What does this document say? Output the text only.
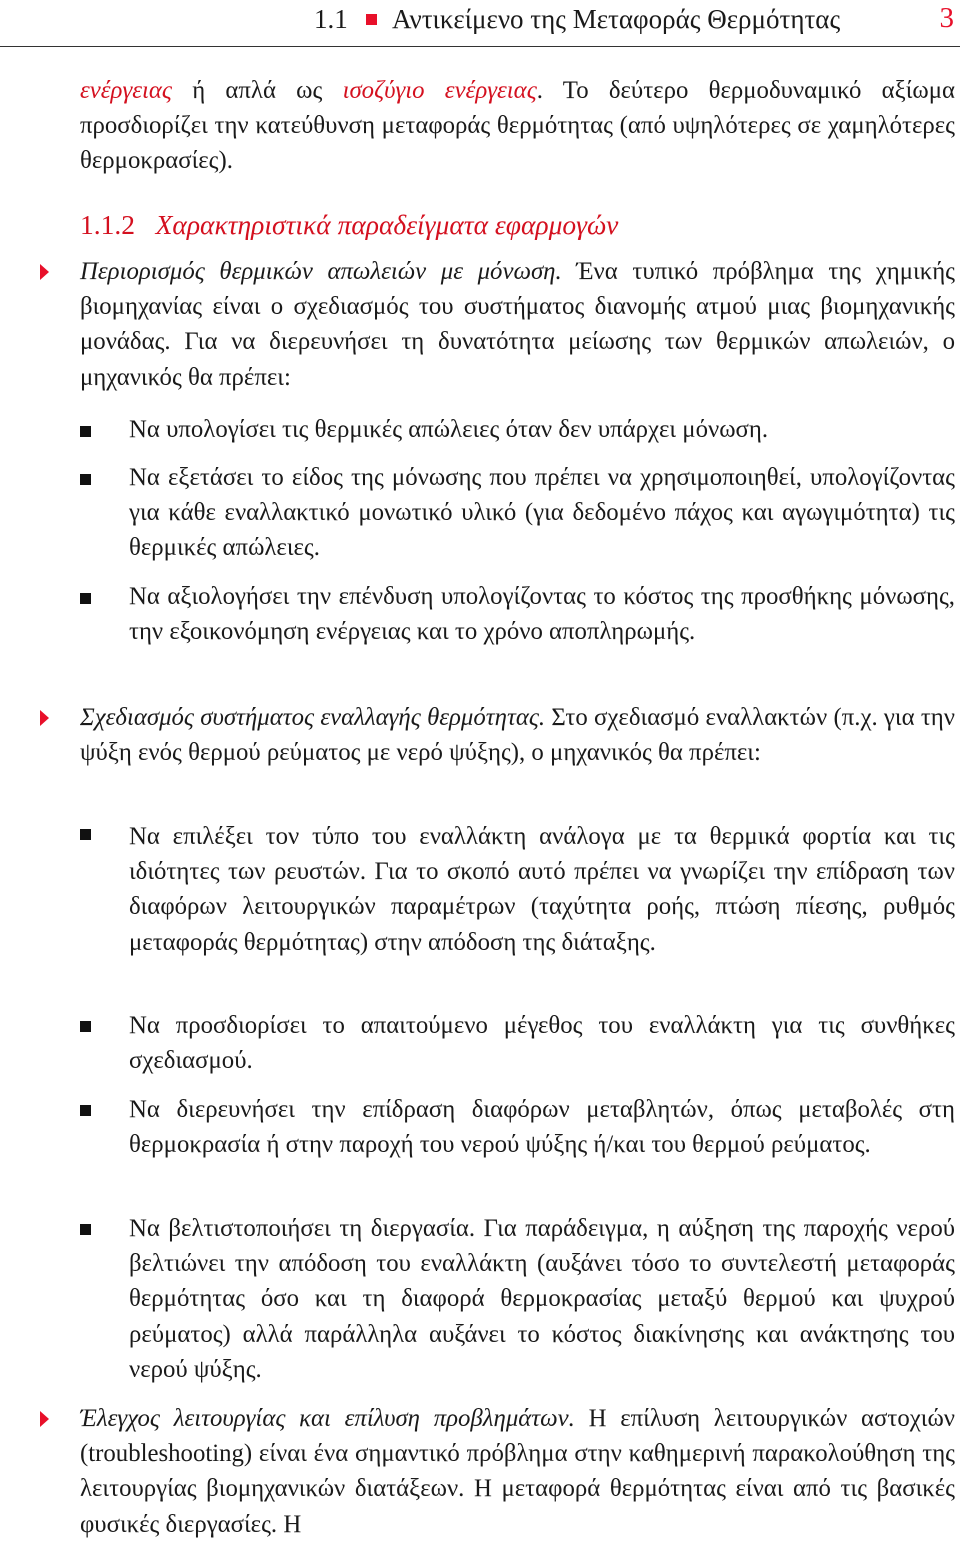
1.1 Αντικείμενο της Μεταφοράς Θερμότητας	3
ενέργειας ή απλά ως ισοζύγιο ενέργειας. Το δεύτερο θερμοδυναμικό αξίωμα προσδιορίζει την κατεύθυνση μεταφοράς θερμότητας (από υψηλότερες σε χαμηλότερες θερμοκρασίες).
1.1.2 Χαρακτηριστικά παραδείγματα εφαρμογών
Περιορισμός θερμικών απωλειών με μόνωση. Ένα τυπικό πρόβλημα της χημικής βιομηχανίας είναι ο σχεδιασμός του συστήματος διανομής ατμού μιας βιομηχανικής μονάδας. Για να διερευνήσει τη δυνατότητα μείωσης των θερμικών απωλειών, ο μηχανικός θα πρέπει:
Να υπολογίσει τις θερμικές απώλειες όταν δεν υπάρχει μόνωση.
Να εξετάσει το είδος της μόνωσης που πρέπει να χρησιμοποιηθεί, υπολογίζοντας για κάθε εναλλακτικό μονωτικό υλικό (για δεδομένο πάχος και αγωγιμότητα) τις θερμικές απώλειες.
Να αξιολογήσει την επένδυση υπολογίζοντας το κόστος της προσθήκης μόνωσης, την εξοικονόμηση ενέργειας και το χρόνο αποπληρωμής.
Σχεδιασμός συστήματος εναλλαγής θερμότητας. Στο σχεδιασμό εναλλακτών (π.χ. για την ψύξη ενός θερμού ρεύματος με νερό ψύξης), ο μηχανικός θα πρέπει:
Να επιλέξει τον τύπο του εναλλάκτη ανάλογα με τα θερμικά φορτία και τις ιδιότητες των ρευστών. Για το σκοπό αυτό πρέπει να γνωρίζει την επίδραση των διαφόρων λειτουργικών παραμέτρων (ταχύτητα ροής, πτώση πίεσης, ρυθμός μεταφοράς θερμότητας) στην απόδοση της διάταξης.
Να προσδιορίσει το απαιτούμενο μέγεθος του εναλλάκτη για τις συνθήκες σχεδιασμού.
Να διερευνήσει την επίδραση διαφόρων μεταβλητών, όπως μεταβολές στη θερμοκρασία ή στην παροχή του νερού ψύξης ή/και του θερμού ρεύματος.
Να βελτιστοποιήσει τη διεργασία. Για παράδειγμα, η αύξηση της παροχής νερού βελτιώνει την απόδοση του εναλλάκτη (αυξάνει τόσο το συντελεστή μεταφοράς θερμότητας όσο και τη διαφορά θερμοκρασίας μεταξύ θερμού και ψυχρού ρεύματος) αλλά παράλληλα αυξάνει το κόστος διακίνησης και ανάκτησης του νερού ψύξης.
Έλεγχος λειτουργίας και επίλυση προβλημάτων. Η επίλυση λειτουργικών αστοχιών (troubleshooting) είναι ένα σημαντικό πρόβλημα στην καθημερινή παρακολούθηση της λειτουργίας βιομηχανικών διατάξεων. Η μεταφορά θερμότητας είναι από τις βασικές φυσικές διεργασίες. Η
